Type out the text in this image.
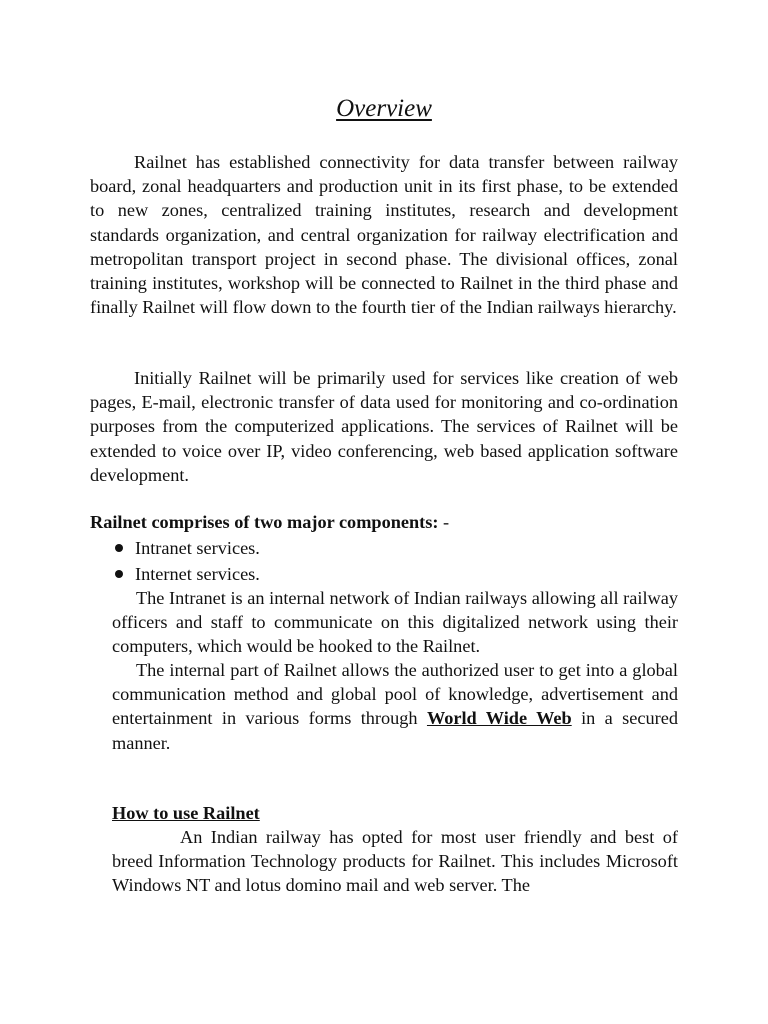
Overview

Railnet has established connectivity for data transfer between railway board, zonal headquarters and production unit in its first phase, to be extended to new zones, centralized training institutes, research and development standards organization, and central organization for railway electrification and metropolitan transport project in second phase. The divisional offices, zonal training institutes, workshop will be connected to Railnet in the third phase and finally Railnet will flow down to the fourth tier of the Indian railways hierarchy.

Initially Railnet will be primarily used for services like creation of web pages, E-mail, electronic transfer of data used for monitoring and co-ordination purposes from the computerized applications. The services of Railnet will be extended to voice over IP, video conferencing, web based application software development.

Railnet comprises of two major components: -

Intranet services.
Internet services.

The Intranet is an internal network of Indian railways allowing all railway officers and staff to communicate on this digitalized network using their computers, which would be hooked to the Railnet.

The internal part of Railnet allows the authorized user to get into a global communication method and global pool of knowledge, advertisement and entertainment in various forms through World Wide Web in a secured manner.

How to use Railnet

An Indian railway has opted for most user friendly and best of breed Information Technology products for Railnet. This includes Microsoft Windows NT and lotus domino mail and web server. The
